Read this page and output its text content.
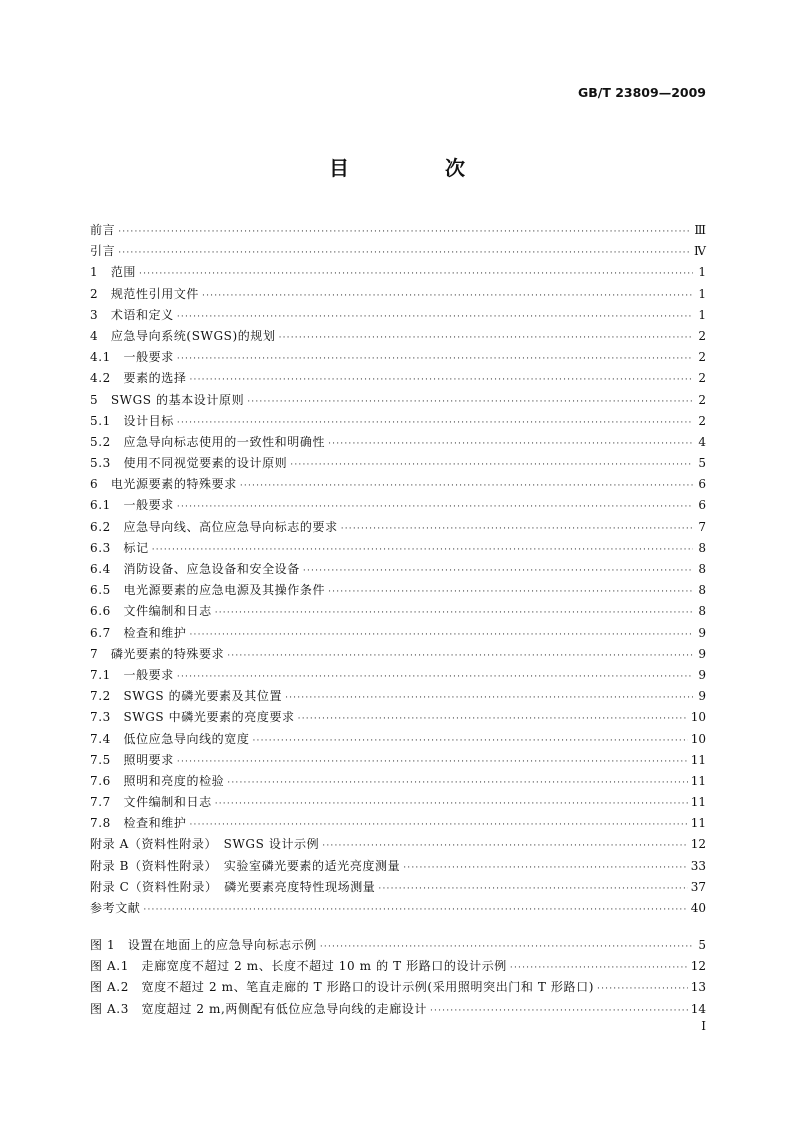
GB/T 23809—2009
目　次
前言 ·····	Ⅲ
引言 ·····	Ⅳ
1　范围 ·····	1
2　规范性引用文件 ·····	1
3　术语和定义 ·····	1
4　应急导向系统(SWGS)的规划 ·····	2
4.1　一般要求 ·····	2
4.2　要素的选择 ·····	2
5　SWGS 的基本设计原则 ·····	2
5.1　设计目标 ·····	2
5.2　应急导向标志使用的一致性和明确性 ·····	4
5.3　使用不同视觉要素的设计原则 ·····	5
6　电光源要素的特殊要求 ·····	6
6.1　一般要求 ·····	6
6.2　应急导向线、高位应急导向标志的要求 ·····	7
6.3　标记 ·····	8
6.4　消防设备、应急设备和安全设备 ·····	8
6.5　电光源要素的应急电源及其操作条件 ·····	8
6.6　文件编制和日志 ·····	8
6.7　检查和维护 ·····	9
7　磷光要素的特殊要求 ·····	9
7.1　一般要求 ·····	9
7.2　SWGS 的磷光要素及其位置 ·····	9
7.3　SWGS 中磷光要素的亮度要求 ·····	10
7.4　低位应急导向线的宽度 ·····	10
7.5　照明要求 ·····	11
7.6　照明和亮度的检验 ·····	11
7.7　文件编制和日志 ·····	11
7.8　检查和维护 ·····	11
附录 A（资料性附录）　SWGS 设计示例 ·····	12
附录 B（资料性附录）　实验室磷光要素的适光亮度测量 ·····	33
附录 C（资料性附录）　磷光要素亮度特性现场测量 ·····	37
参考文献 ·····	40
图 1　设置在地面上的应急导向标志示例 ·····	5
图 A.1　走廊宽度不超过 2 m、长度不超过 10 m 的 T 形路口的设计示例 ·····	12
图 A.2　宽度不超过 2 m、笔直走廊的 T 形路口的设计示例(采用照明突出门和 T 形路口) ·····	13
图 A.3　宽度超过 2 m,两侧配有低位应急导向线的走廊设计 ·····	14
Ⅰ
